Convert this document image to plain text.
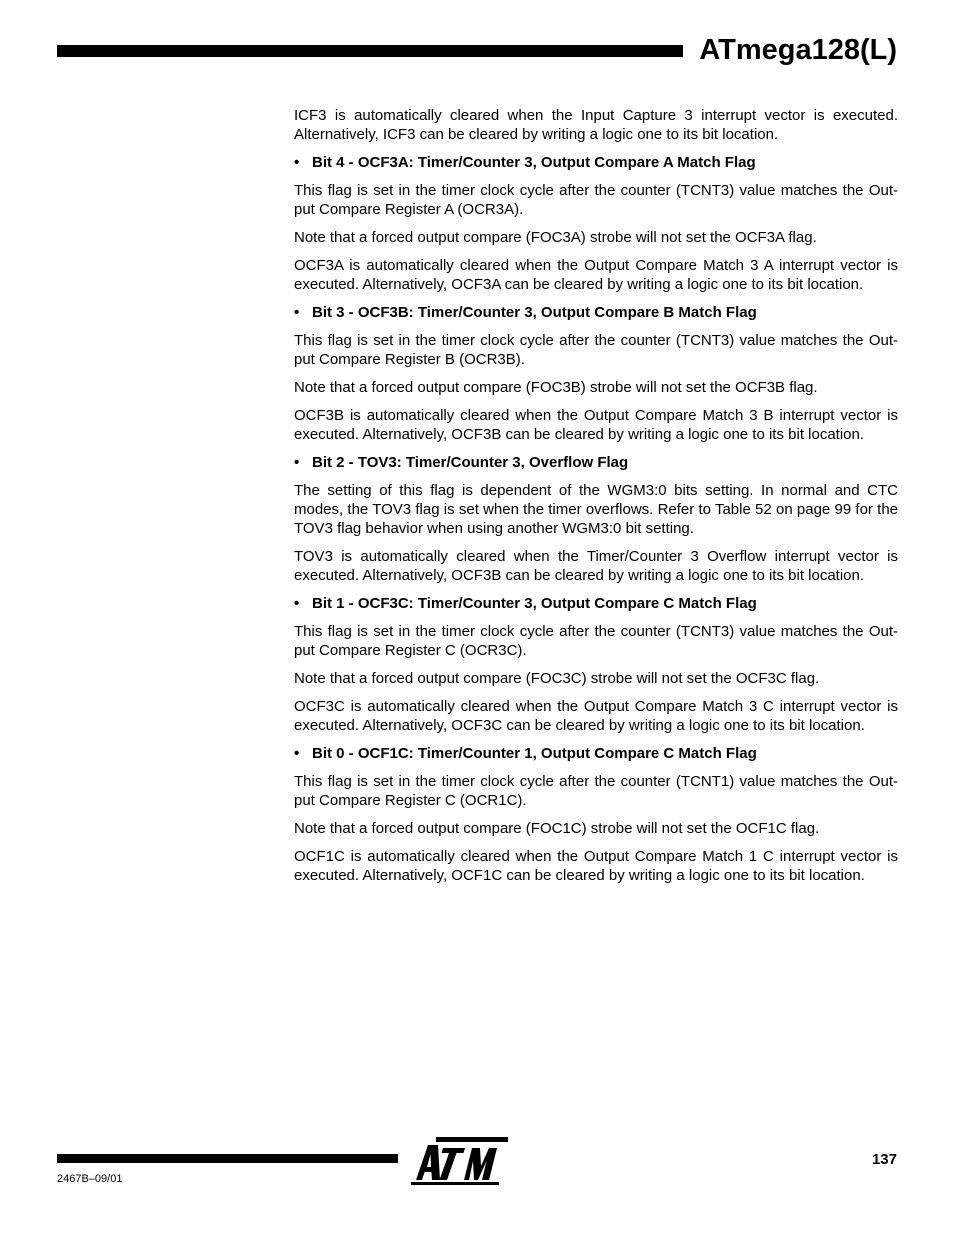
ATmega128(L)

ICF3 is automatically cleared when the Input Capture 3 interrupt vector is executed. Alternatively, ICF3 can be cleared by writing a logic one to its bit location.

• Bit 4 - OCF3A: Timer/Counter 3, Output Compare A Match Flag

This flag is set in the timer clock cycle after the counter (TCNT3) value matches the Out- put Compare Register A (OCR3A).

Note that a forced output compare (FOC3A) strobe will not set the OCF3A flag.

OCF3A is automatically cleared when the Output Compare Match 3 A interrupt vector is executed. Alternatively, OCF3A can be cleared by writing a logic one to its bit location.

• Bit 3 - OCF3B: Timer/Counter 3, Output Compare B Match Flag

This flag is set in the timer clock cycle after the counter (TCNT3) value matches the Out- put Compare Register B (OCR3B).

Note that a forced output compare (FOC3B) strobe will not set the OCF3B flag.

OCF3B is automatically cleared when the Output Compare Match 3 B interrupt vector is executed. Alternatively, OCF3B can be cleared by writing a logic one to its bit location.

• Bit 2 - TOV3: Timer/Counter 3, Overflow Flag

The setting of this flag is dependent of the WGM3:0 bits setting. In normal and CTC modes, the TOV3 flag is set when the timer overflows. Refer to Table 52 on page 99 for the TOV3 flag behavior when using another WGM3:0 bit setting.

TOV3 is automatically cleared when the Timer/Counter 3 Overflow interrupt vector is executed. Alternatively, OCF3B can be cleared by writing a logic one to its bit location.

• Bit 1 - OCF3C: Timer/Counter 3, Output Compare C Match Flag

This flag is set in the timer clock cycle after the counter (TCNT3) value matches the Out- put Compare Register C (OCR3C).

Note that a forced output compare (FOC3C) strobe will not set the OCF3C flag.

OCF3C is automatically cleared when the Output Compare Match 3 C interrupt vector is executed. Alternatively, OCF3C can be cleared by writing a logic one to its bit location.

• Bit 0 - OCF1C: Timer/Counter 1, Output Compare C Match Flag

This flag is set in the timer clock cycle after the counter (TCNT1) value matches the Out- put Compare Register C (OCR1C).

Note that a forced output compare (FOC1C) strobe will not set the OCF1C flag.

OCF1C is automatically cleared when the Output Compare Match 1 C interrupt vector is executed. Alternatively, OCF1C can be cleared by writing a logic one to its bit location.

137
2467B–09/01
